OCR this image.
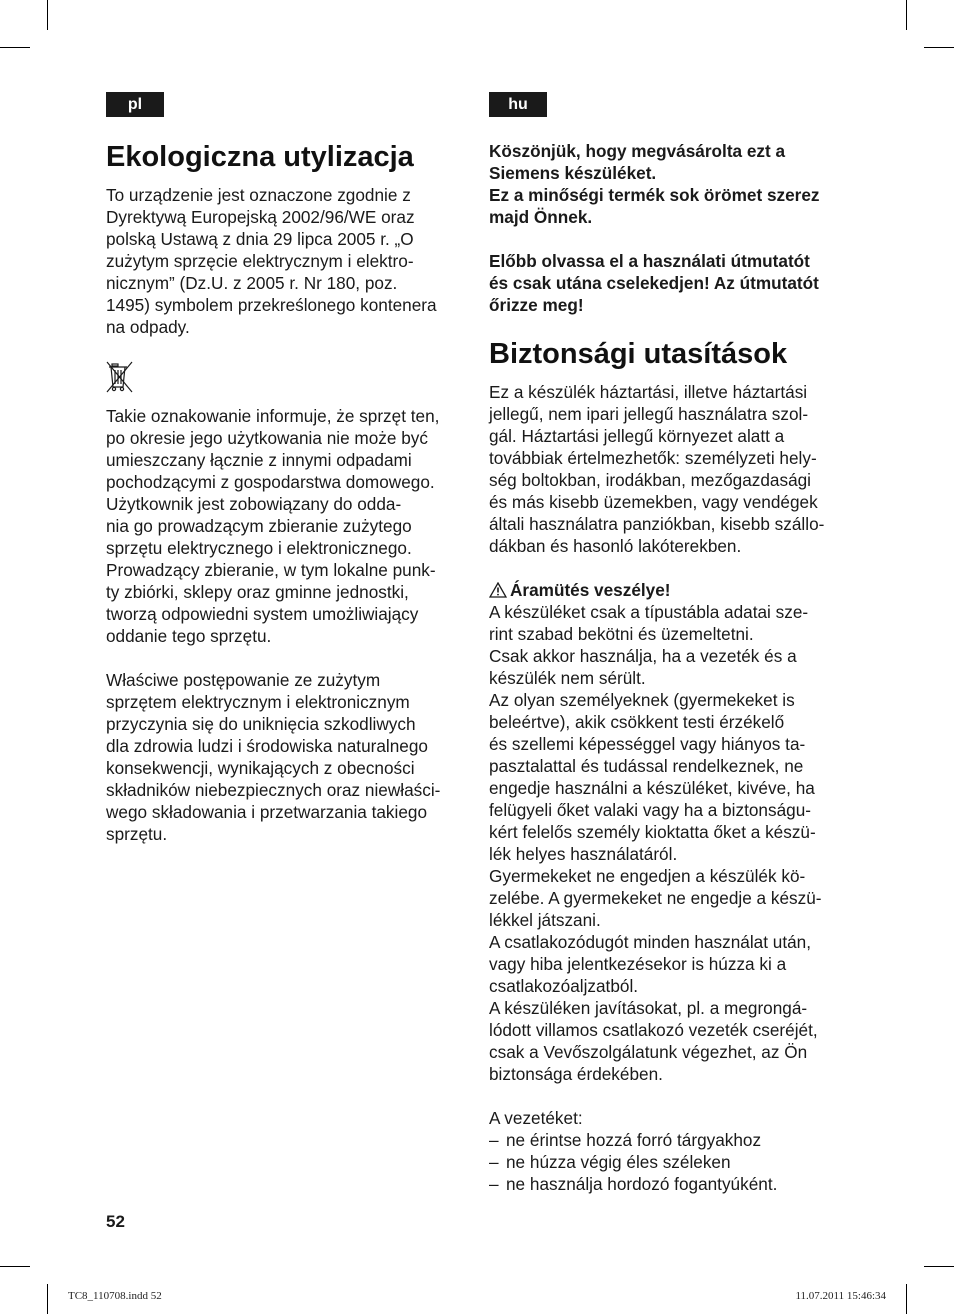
pl	hu
Ekologiczna utylizacja

To urządzenie jest oznaczone zgodnie z

Dyrektywą Europejską 2002/96/WE oraz

polską Ustawą z dnia 29 lipca 2005 r. „O

zużytym sprzęcie elektrycznym i elektro-

nicznym” (Dz.U. z 2005 r. Nr 180, poz.

1495) symbolem przekreślonego kontenera

na odpady.

Takie oznakowanie informuje, że sprzęt ten,

po okresie jego użytkowania nie może być

umieszczany łącznie z innymi odpadami

pochodzącymi z gospodarstwa domowego.

Użytkownik jest zobowiązany do odda-

nia go prowadzącym zbieranie zużytego

sprzętu elektrycznego i elektronicznego.

Prowadzący zbieranie, w tym lokalne punk-

ty zbiórki, sklepy oraz gminne jednostki,

tworzą odpowiedni system umożliwiający

oddanie tego sprzętu.

Właściwe postępowanie ze zużytym

sprzętem elektrycznym i elektronicznym

przyczynia się do uniknięcia szkodliwych

dla zdrowia ludzi i środowiska naturalnego

konsekwencji, wynikających z obecności

składników niebezpiecznych oraz niewłaści-

wego składowania i przetwarzania takiego

sprzętu.

Köszönjük, hogy megvásárolta ezt a

Siemens készüléket.

Ez a minőségi termék sok örömet szerez

majd Önnek.

Előbb olvassa el a használati útmutatót

és csak utána cselekedjen! Az útmutatót

őrizze meg!

Biztonsági utasítások

Ez a készülék háztartási, illetve háztartási

jellegű, nem ipari jellegű használatra szol-

gál. Háztartási jellegű környezet alatt a

továbbiak értelmezhetők: személyzeti hely-

ség boltokban, irodákban, mezőgazdasági

és más kisebb üzemekben, vagy vendégek

általi használatra panziókban, kisebb szállo-

dákban és hasonló lakóterekben.

Áramütés veszélye!

A készüléket csak a típustábla adatai sze-

rint szabad bekötni és üzemeltetni.

Csak akkor használja, ha a vezeték és a

készülék nem sérült.

Az olyan személyeknek (gyermekeket is

beleértve), akik csökkent testi érzékelő

és szellemi képességgel vagy hiányos ta-

pasztalattal és tudással rendelkeznek, ne

engedje használni a készüléket, kivéve, ha

felügyeli őket valaki vagy ha a biztonságu-

kért felelős személy kioktatta őket a készü-

lék helyes használatáról.

Gyermekeket ne engedjen a készülék kö-

zelébe. A gyermekeket ne engedje a készü-

lékkel játszani.

A csatlakozódugót minden használat után,

vagy hiba jelentkezésekor is húzza ki a

csatlakozóaljzatból.

A készüléken javításokat, pl. a megrongá-

lódott villamos csatlakozó vezeték cseréjét,

csak a Vevőszolgálatunk végezhet, az Ön

biztonsága érdekében.

A vezetéket:

– ne érintse hozzá forró tárgyakhoz
– ne húzza végig éles széleken
– ne használja hordozó fogantyúként.
52
TC8_110708.indd 52	11.07.2011 15:46:34
